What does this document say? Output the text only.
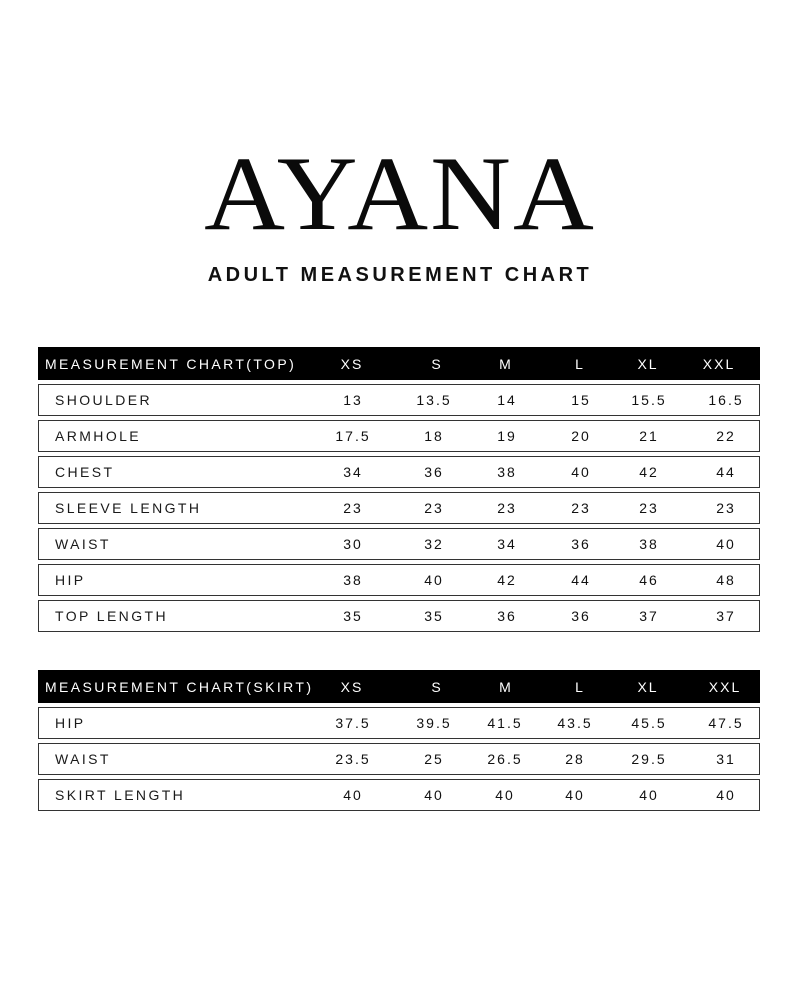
AYANA
ADULT MEASUREMENT CHART
MEASUREMENT CHART(TOP)	XS	S	M	L	XL	XXL
SHOULDER	13	13.5	14	15	15.5	16.5
ARMHOLE	17.5	18	19	20	21	22
CHEST	34	36	38	40	42	44
SLEEVE LENGTH	23	23	23	23	23	23
WAIST	30	32	34	36	38	40
HIP	38	40	42	44	46	48
TOP LENGTH	35	35	36	36	37	37
MEASUREMENT CHART(SKIRT)	XS	S	M	L	XL	XXL
HIP	37.5	39.5	41.5	43.5	45.5	47.5
WAIST	23.5	25	26.5	28	29.5	31
SKIRT LENGTH	40	40	40	40	40	40
